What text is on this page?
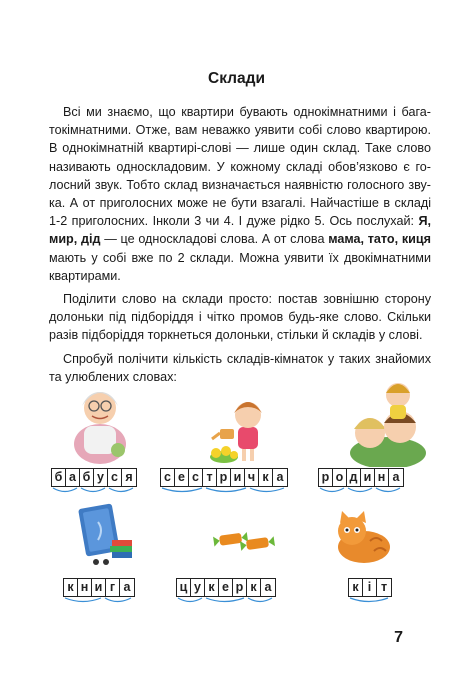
Склади

Всі ми знаємо, що квартири бувають однокімнатними і бага-токімнатними. Отже, вам неважко уявити собі слово квартирою. В однокімнатній квартирі-слові — лише один склад. Таке слово називають односкладовим. У кожному складі обов’язково є го-лосний звук. Тобто склад визначається наявністю голосного зву-ка. А от приголосних може не бути взагалі. Найчастіше в складі 1-2 приголосних. Інколи 3 чи 4. І дуже рідко 5. Ось послухай: Я, мир, дід — це односкладові слова. А от слова мама, тато, киця мають у собі вже по 2 склади. Можна уявити їх двокімнатними квартирами.

Поділити слово на склади просто: постав зовнішню сторону долоньки під підборіддя і чітко промов будь-яке слово. Скільки разів підборіддя торкнеться долоньки, стільки й складів у слові.

Спробуй полічити кількість складів-кімнаток у таких знайомих та улюблених словах:

б а б у с я	с е с т р и ч к а	р о д и н а
к н и г а	ц у к е р к а	к і т
7
